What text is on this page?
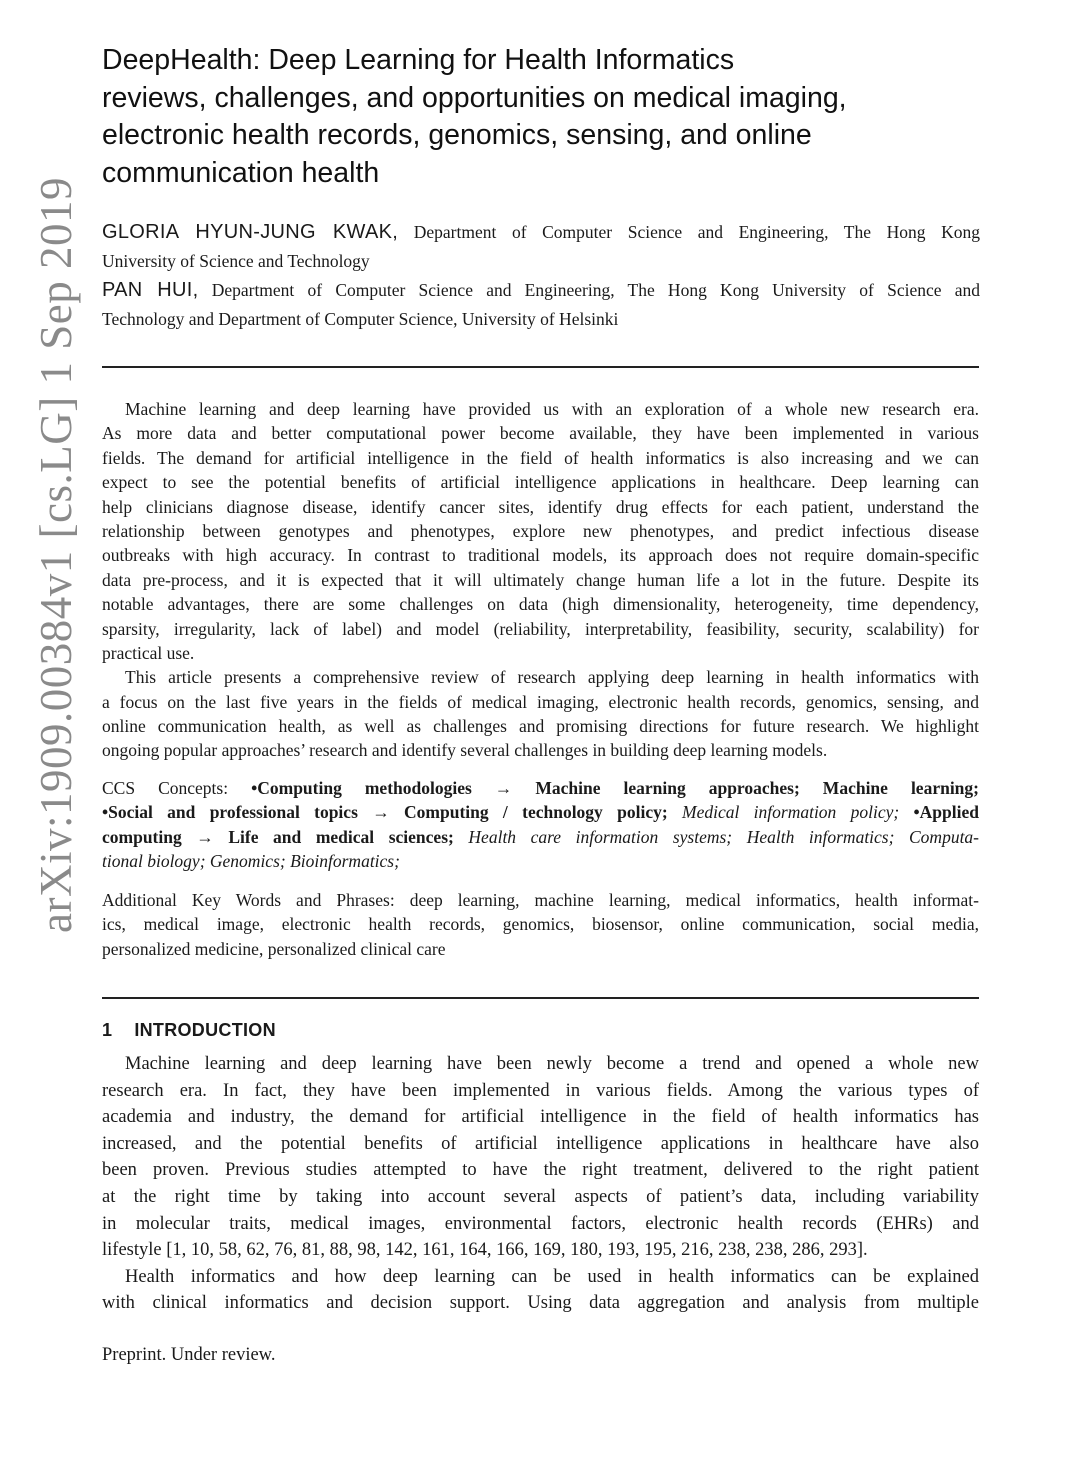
arXiv:1909.00384v1 [cs.LG] 1 Sep 2019
DeepHealth: Deep Learning for Health Informatics
reviews, challenges, and opportunities on medical imaging,
electronic health records, genomics, sensing, and online
communication health
GLORIA HYUN-JUNG KWAK, Department of Computer Science and Engineering, The Hong Kong
University of Science and Technology
PAN HUI, Department of Computer Science and Engineering, The Hong Kong University of Science and
Technology and Department of Computer Science, University of Helsinki
Machine learning and deep learning have provided us with an exploration of a whole new research era.
As more data and better computational power become available, they have been implemented in various
fields. The demand for artificial intelligence in the field of health informatics is also increasing and we can
expect to see the potential benefits of artificial intelligence applications in healthcare. Deep learning can
help clinicians diagnose disease, identify cancer sites, identify drug effects for each patient, understand the
relationship between genotypes and phenotypes, explore new phenotypes, and predict infectious disease
outbreaks with high accuracy. In contrast to traditional models, its approach does not require domain-specific
data pre-process, and it is expected that it will ultimately change human life a lot in the future. Despite its
notable advantages, there are some challenges on data (high dimensionality, heterogeneity, time dependency,
sparsity, irregularity, lack of label) and model (reliability, interpretability, feasibility, security, scalability) for
practical use.
This article presents a comprehensive review of research applying deep learning in health informatics with
a focus on the last five years in the fields of medical imaging, electronic health records, genomics, sensing, and
online communication health, as well as challenges and promising directions for future research. We highlight
ongoing popular approaches’ research and identify several challenges in building deep learning models.
CCS Concepts: •Computing methodologies → Machine learning approaches; Machine learning;
•Social and professional topics → Computing / technology policy; Medical information policy; •Applied
computing → Life and medical sciences; Health care information systems; Health informatics; Computa-
tional biology; Genomics; Bioinformatics;
Additional Key Words and Phrases: deep learning, machine learning, medical informatics, health informat-
ics, medical image, electronic health records, genomics, biosensor, online communication, social media,
personalized medicine, personalized clinical care
1 INTRODUCTION
Machine learning and deep learning have been newly become a trend and opened a whole new
research era. In fact, they have been implemented in various fields. Among the various types of
academia and industry, the demand for artificial intelligence in the field of health informatics has
increased, and the potential benefits of artificial intelligence applications in healthcare have also
been proven. Previous studies attempted to have the right treatment, delivered to the right patient
at the right time by taking into account several aspects of patient’s data, including variability
in molecular traits, medical images, environmental factors, electronic health records (EHRs) and
lifestyle [1, 10, 58, 62, 76, 81, 88, 98, 142, 161, 164, 166, 169, 180, 193, 195, 216, 238, 238, 286, 293].
Health informatics and how deep learning can be used in health informatics can be explained
with clinical informatics and decision support. Using data aggregation and analysis from multiple
Preprint. Under review.
